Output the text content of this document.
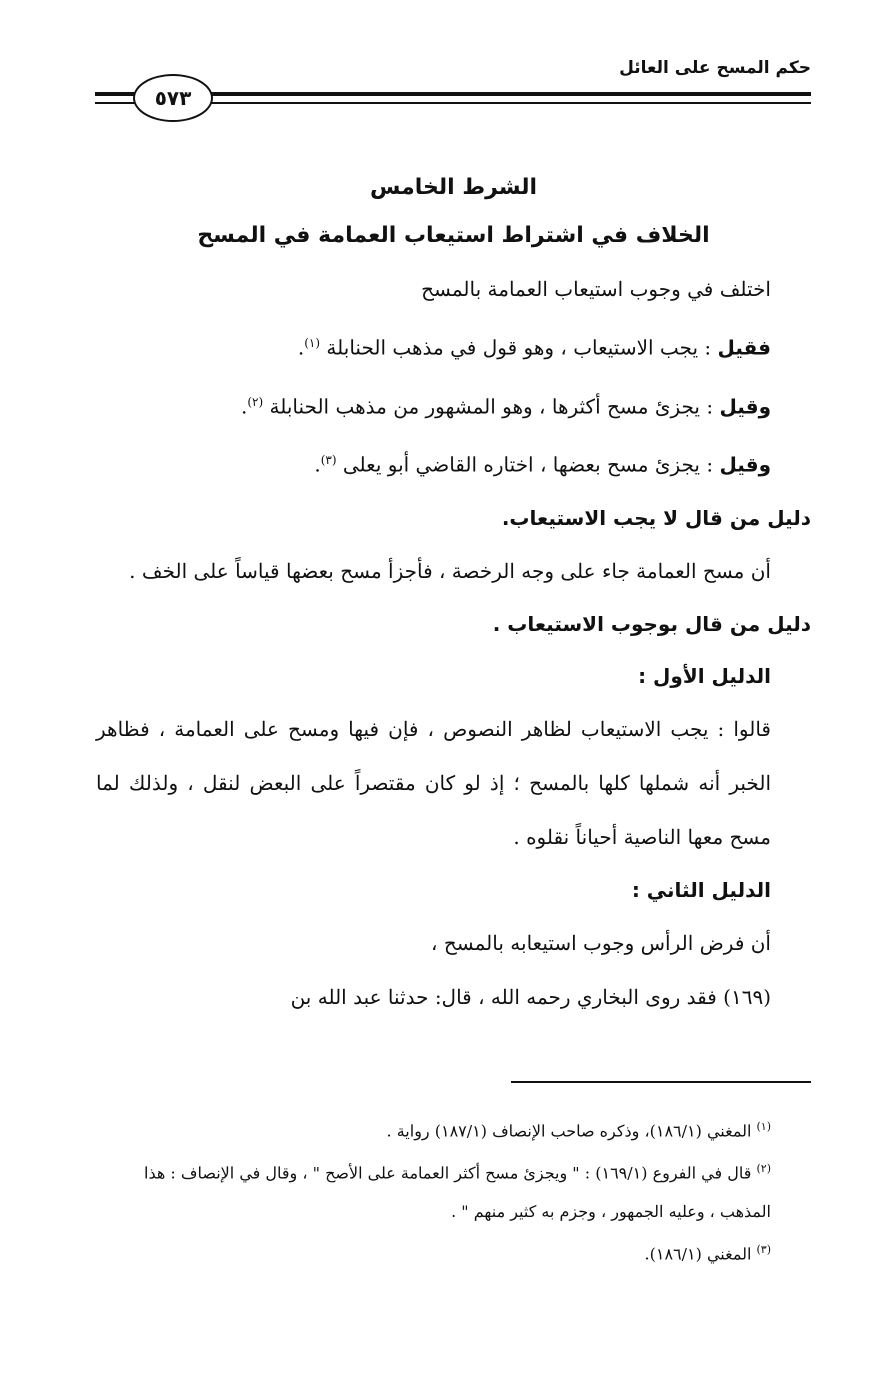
حكم المسح على العائل
٥٧٣
الشرط الخامس
الخلاف في اشتراط استيعاب العمامة في المسح

اختلف في وجوب استيعاب العمامة بالمسح

فقيل : يجب الاستيعاب ، وهو قول في مذهب الحنابلة $^{(١)}$.

وقيل : يجزئ مسح أكثرها ، وهو المشهور من مذهب الحنابلة $^{(٢)}$.

وقيل : يجزئ مسح بعضها ، اختاره القاضي أبو يعلى $^{(٣)}$.

دليل من قال لا يجب الاستيعاب.

أن مسح العمامة جاء على وجه الرخصة ، فأجزأ مسح بعضها قياساً على الخف .

دليل من قال بوجوب الاستيعاب .
الدليل الأول :

قالوا : يجب الاستيعاب لظاهر النصوص ، فإن فيها ومسح على العمامة ، فظاهر الخبر أنه شملها كلها بالمسح ؛ إذ لو كان مقتصراً على البعض لنقل ، ولذلك لما مسح معها الناصية أحياناً نقلوه .

الدليل الثاني :

أن فرض الرأس وجوب استيعابه بالمسح ،

(١٦٩) فقد روى البخاري رحمه الله ، قال: حدثنا عبد الله بن

$^{(١)}$ المغني (١٨٦/١)، وذكره صاحب الإنصاف (١٨٧/١) رواية .

$^{(٢)}$ قال في الفروع (١٦٩/١) : " ويجزئ مسح أكثر العمامة على الأصح " ، وقال في الإنصاف : هذا المذهب ، وعليه الجمهور ، وجزم به كثير منهم " .

$^{(٣)}$ المغني (١٨٦/١).
